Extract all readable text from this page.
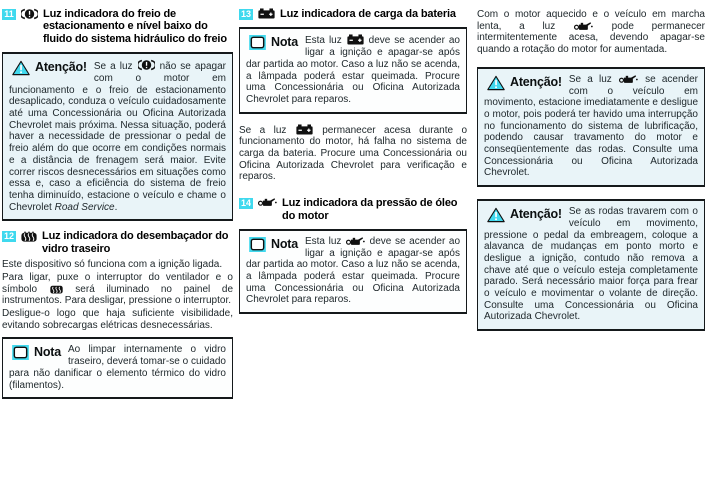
11	Luz indicadora do freio de estacionamento e nível baixo do fluido do sistema hidráulico do freio

Atenção! Se a luz	não se apagar com o motor em funcionamento e o freio de estacionamento desaplicado, conduza o veículo cuidadosamente até uma Concessionária ou Oficina Autorizada Chevrolet mais próxima. Nessa situação, poderá haver a necessidade de pressionar o pedal de freio além do que ocorre em condições normais e a distância de frenagem será maior. Evite correr riscos desnecessários em situações como essa e, caso a eficiência do sistema de freio tenha diminuído, estacione o veículo e chame o Chevrolet Road Service.

12	Luz indicadora do desembaçador do vidro traseiro

Este dispositivo só funciona com a ignição ligada.

Para ligar, puxe o interruptor do ventilador e o símbolo	será iluminado no painel de instrumentos. Para desligar, pressione o interruptor.

Desligue-o logo que haja suficiente visibilidade, evitando sobrecargas elétricas desnecessárias.

Nota Ao limpar internamente o vidro traseiro, deverá tomar-se o cuidado para não danificar o elemento térmico do vidro (filamentos).

13	Luz indicadora de carga da bateria

Nota Esta luz	deve se acender ao ligar a ignição e apagar-se após dar partida ao motor. Caso a luz não se acenda, a lâmpada poderá estar queimada. Procure uma Concessionária ou Oficina Autorizada Chevrolet para reparos.

Se a luz	permanecer acesa durante o funcionamento do motor, há falha no sistema de carga da bateria. Procure uma Concessionária ou Oficina Autorizada Chevrolet para verificação e reparos.

14	Luz indicadora da pressão de óleo do motor

Nota Esta luz	deve se acender ao ligar a ignição e apagar-se após dar partida ao motor. Caso a luz não se acenda, a lâmpada poderá estar queimada. Procure uma Concessionária ou Oficina Autorizada Chevrolet para reparos.

Com o motor aquecido e o veículo em marcha lenta, a luz	pode permanecer intermitentemente acesa, devendo apagar-se quando a rotação do motor for aumentada.

Atenção! Se a luz	se acender com o veículo em movimento, estacione imediatamente e desligue o motor, pois poderá ter havido uma interrupção no funcionamento do sistema de lubrificação, podendo causar travamento do motor e conseqüentemente das rodas. Consulte uma Concessionária ou Oficina Autorizada Chevrolet.

Atenção! Se as rodas travarem com o veículo em movimento, pressione o pedal da embreagem, coloque a alavanca de mudanças em ponto morto e desligue a ignição, contudo não remova a chave até que o veículo esteja completamente parado. Será necessário maior força para frear o veículo e movimentar o volante de direção. Consulte uma Concessionária ou Oficina Autorizada Chevrolet.
